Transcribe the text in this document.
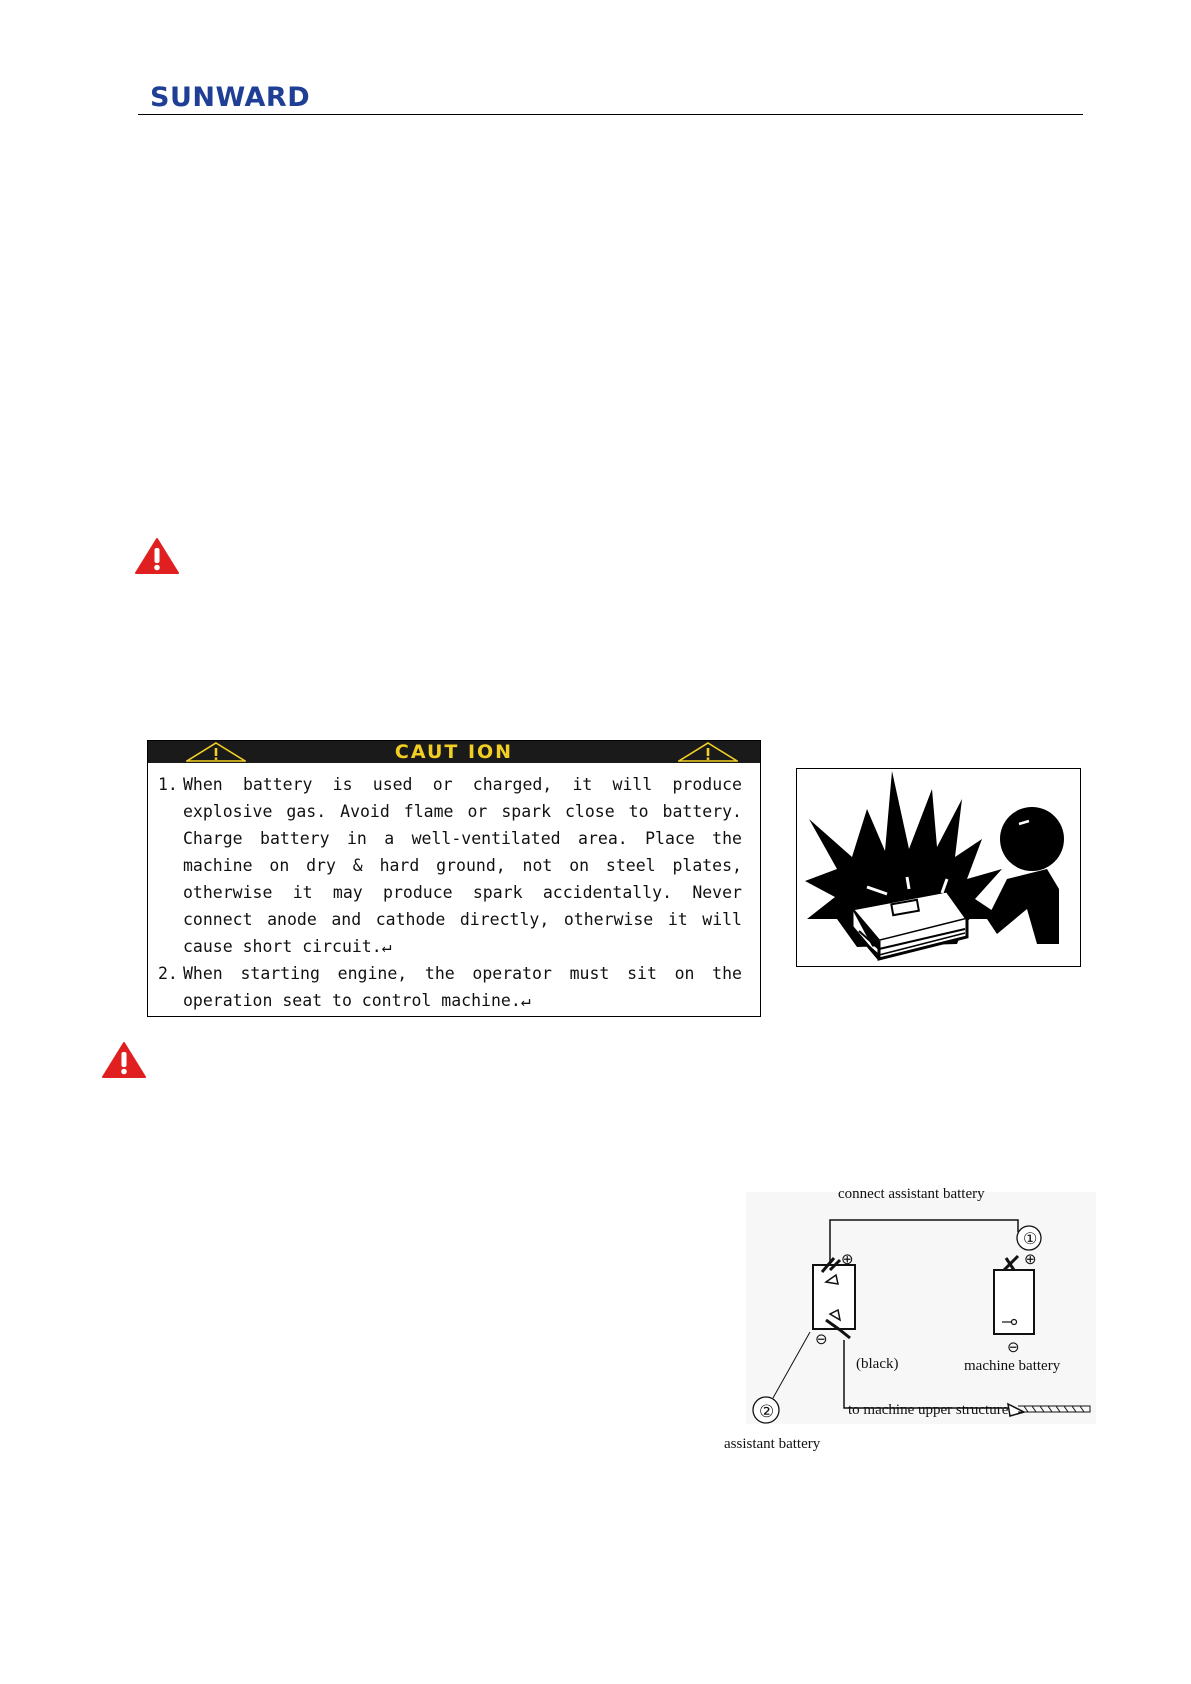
SUNWARD
CAUT ION
1. When battery is used or charged, it will produce explosive gas. Avoid flame or spark close to battery. Charge battery in a well-ventilated area. Place the machine on dry & hard ground, not on steel plates, otherwise it may produce spark accidentally. Never connect anode and cathode directly, otherwise it will cause short circuit.↵
2. When starting engine, the operator must sit on the operation seat to control machine.↵
connect assistant battery
⊕
⊖
⊕
⊖
①
(black)	machine battery
to machine upper structure
②
assistant battery
